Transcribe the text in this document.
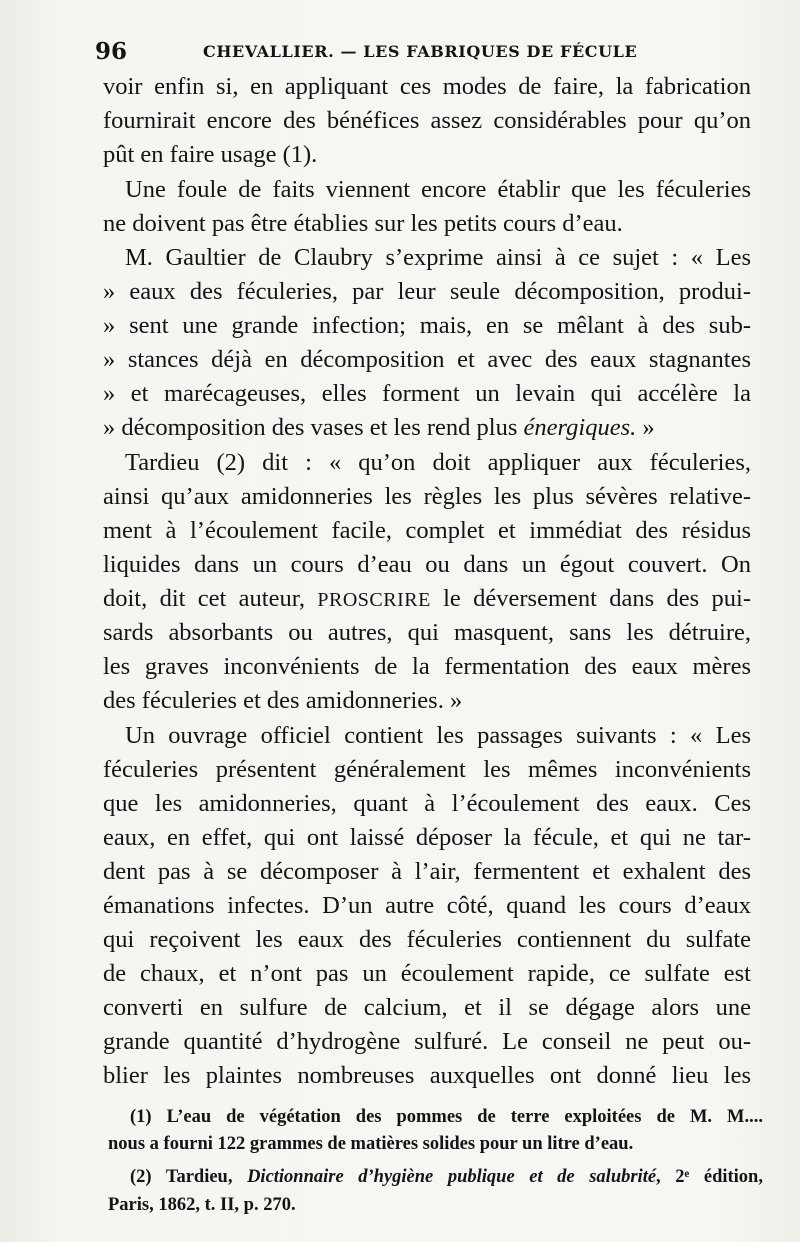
96	CHEVALLIER. — LES FABRIQUES DE FÉCULE
voir enfin si, en appliquant ces modes de faire, la fabrication
fournirait encore des bénéfices assez considérables pour qu’on
pût en faire usage (1).
Une foule de faits viennent encore établir que les féculeries
ne doivent pas être établies sur les petits cours d’eau.
M. Gaultier de Claubry s’exprime ainsi à ce sujet : « Les
» eaux des féculeries, par leur seule décomposition, produi-
» sent une grande infection; mais, en se mêlant à des sub-
» stances déjà en décomposition et avec des eaux stagnantes
» et marécageuses, elles forment un levain qui accélère la
» décomposition des vases et les rend plus énergiques. »
Tardieu (2) dit : « qu’on doit appliquer aux féculeries,
ainsi qu’aux amidonneries les règles les plus sévères relative-
ment à l’écoulement facile, complet et immédiat des résidus
liquides dans un cours d’eau ou dans un égout couvert. On
doit, dit cet auteur, PROSCRIRE le déversement dans des pui-
sards absorbants ou autres, qui masquent, sans les détruire,
les graves inconvénients de la fermentation des eaux mères
des féculeries et des amidonneries. »
Un ouvrage officiel contient les passages suivants : « Les
féculeries présentent généralement les mêmes inconvénients
que les amidonneries, quant à l’écoulement des eaux. Ces
eaux, en effet, qui ont laissé déposer la fécule, et qui ne tar-
dent pas à se décomposer à l’air, fermentent et exhalent des
émanations infectes. D’un autre côté, quand les cours d’eaux
qui reçoivent les eaux des féculeries contiennent du sulfate
de chaux, et n’ont pas un écoulement rapide, ce sulfate est
converti en sulfure de calcium, et il se dégage alors une
grande quantité d’hydrogène sulfuré. Le conseil ne peut ou-
blier les plaintes nombreuses auxquelles ont donné lieu les
(1) L’eau de végétation des pommes de terre exploitées de M. M....
nous a fourni 122 grammes de matières solides pour un litre d’eau.
(2) Tardieu, Dictionnaire d’hygiène publique et de salubrité, 2ᵉ édition,
Paris, 1862, t. II, p. 270.
